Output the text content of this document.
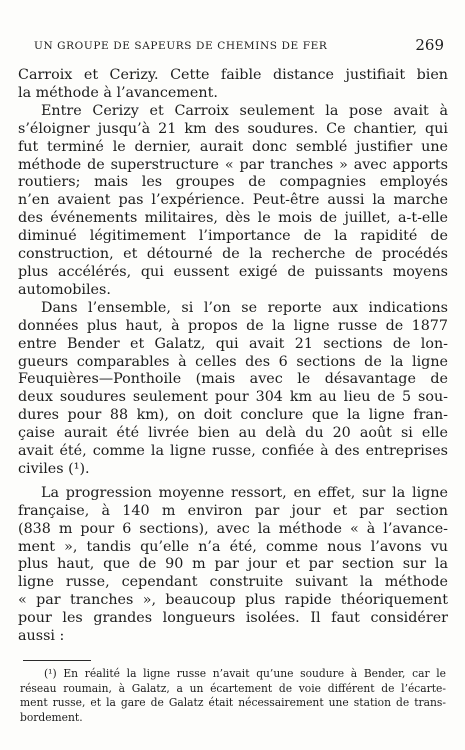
UN GROUPE DE SAPEURS DE CHEMINS DE FER	269
Carroix et Cerizy. Cette faible distance justifiait bien
la méthode à l’avancement.
Entre Cerizy et Carroix seulement la pose avait à
s’éloigner jusqu’à 21 km des soudures. Ce chantier, qui
fut terminé le dernier, aurait donc semblé justifier une
méthode de superstructure « par tranches » avec apports
routiers; mais les groupes de compagnies employés
n’en avaient pas l’expérience. Peut-être aussi la marche
des événements militaires, dès le mois de juillet, a-t-elle
diminué légitimement l’importance de la rapidité de
construction, et détourné de la recherche de procédés
plus accélérés, qui eussent exigé de puissants moyens
automobiles.
Dans l’ensemble, si l’on se reporte aux indications
données plus haut, à propos de la ligne russe de 1877
entre Bender et Galatz, qui avait 21 sections de lon-
gueurs comparables à celles des 6 sections de la ligne
Feuquières—Ponthoile (mais avec le désavantage de
deux soudures seulement pour 304 km au lieu de 5 sou-
dures pour 88 km), on doit conclure que la ligne fran-
çaise aurait été livrée bien au delà du 20 août si elle
avait été, comme la ligne russe, confiée à des entreprises
civiles (¹).
La progression moyenne ressort, en effet, sur la ligne
française, à 140 m environ par jour et par section
(838 m pour 6 sections), avec la méthode « à l’avance-
ment », tandis qu’elle n’a été, comme nous l’avons vu
plus haut, que de 90 m par jour et par section sur la
ligne russe, cependant construite suivant la méthode
« par tranches », beaucoup plus rapide théoriquement
pour les grandes longueurs isolées. Il faut considérer
aussi :
(¹) En réalité la ligne russe n’avait qu’une soudure à Bender, car le
réseau roumain, à Galatz, a un écartement de voie différent de l’écarte-
ment russe, et la gare de Galatz était nécessairement une station de trans-
bordement.
